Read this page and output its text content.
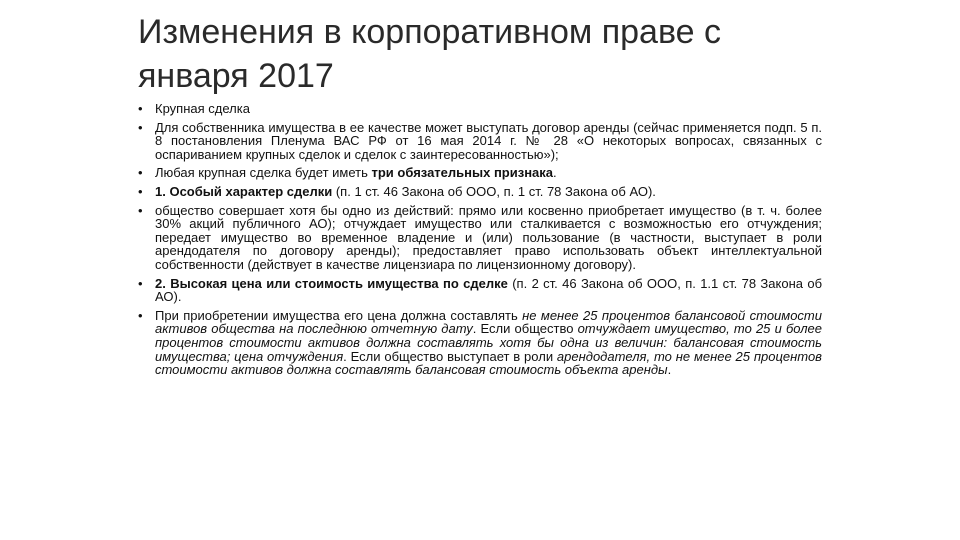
Изменения в корпоративном праве с января 2017
• Крупная сделка
• Для собственника имущества в ее качестве может выступать договор аренды (сейчас применяется подп. 5 п. 8 постановления Пленума ВАС РФ от 16 мая 2014 г. № 28 «О некоторых вопросах, связанных с оспариванием крупных сделок и сделок с заинтересованностью»);
• Любая крупная сделка будет иметь три обязательных признака.
• 1. Особый характер сделки (п. 1 ст. 46 Закона об ООО, п. 1 ст. 78 Закона об АО).
• общество совершает хотя бы одно из действий: прямо или косвенно приобретает имущество (в т. ч. более 30% акций публичного АО); отчуждает имущество или сталкивается с возможностью его отчуждения; передает имущество во временное владение и (или) пользование (в частности, выступает в роли арендодателя по договору аренды); предоставляет право использовать объект интеллектуальной собственности (действует в качестве лицензиара по лицензионному договору).
• 2. Высокая цена или стоимость имущества по сделке (п. 2 ст. 46 Закона об ООО, п. 1.1 ст. 78 Закона об АО).
• При приобретении имущества его цена должна составлять не менее 25 процентов балансовой стоимости активов общества на последнюю отчетную дату. Если общество отчуждает имущество, то 25 и более процентов стоимости активов должна составлять хотя бы одна из величин: балансовая стоимость имущества; цена отчуждения. Если общество выступает в роли арендодателя, то не менее 25 процентов стоимости активов должна составлять балансовая стоимость объекта аренды.
